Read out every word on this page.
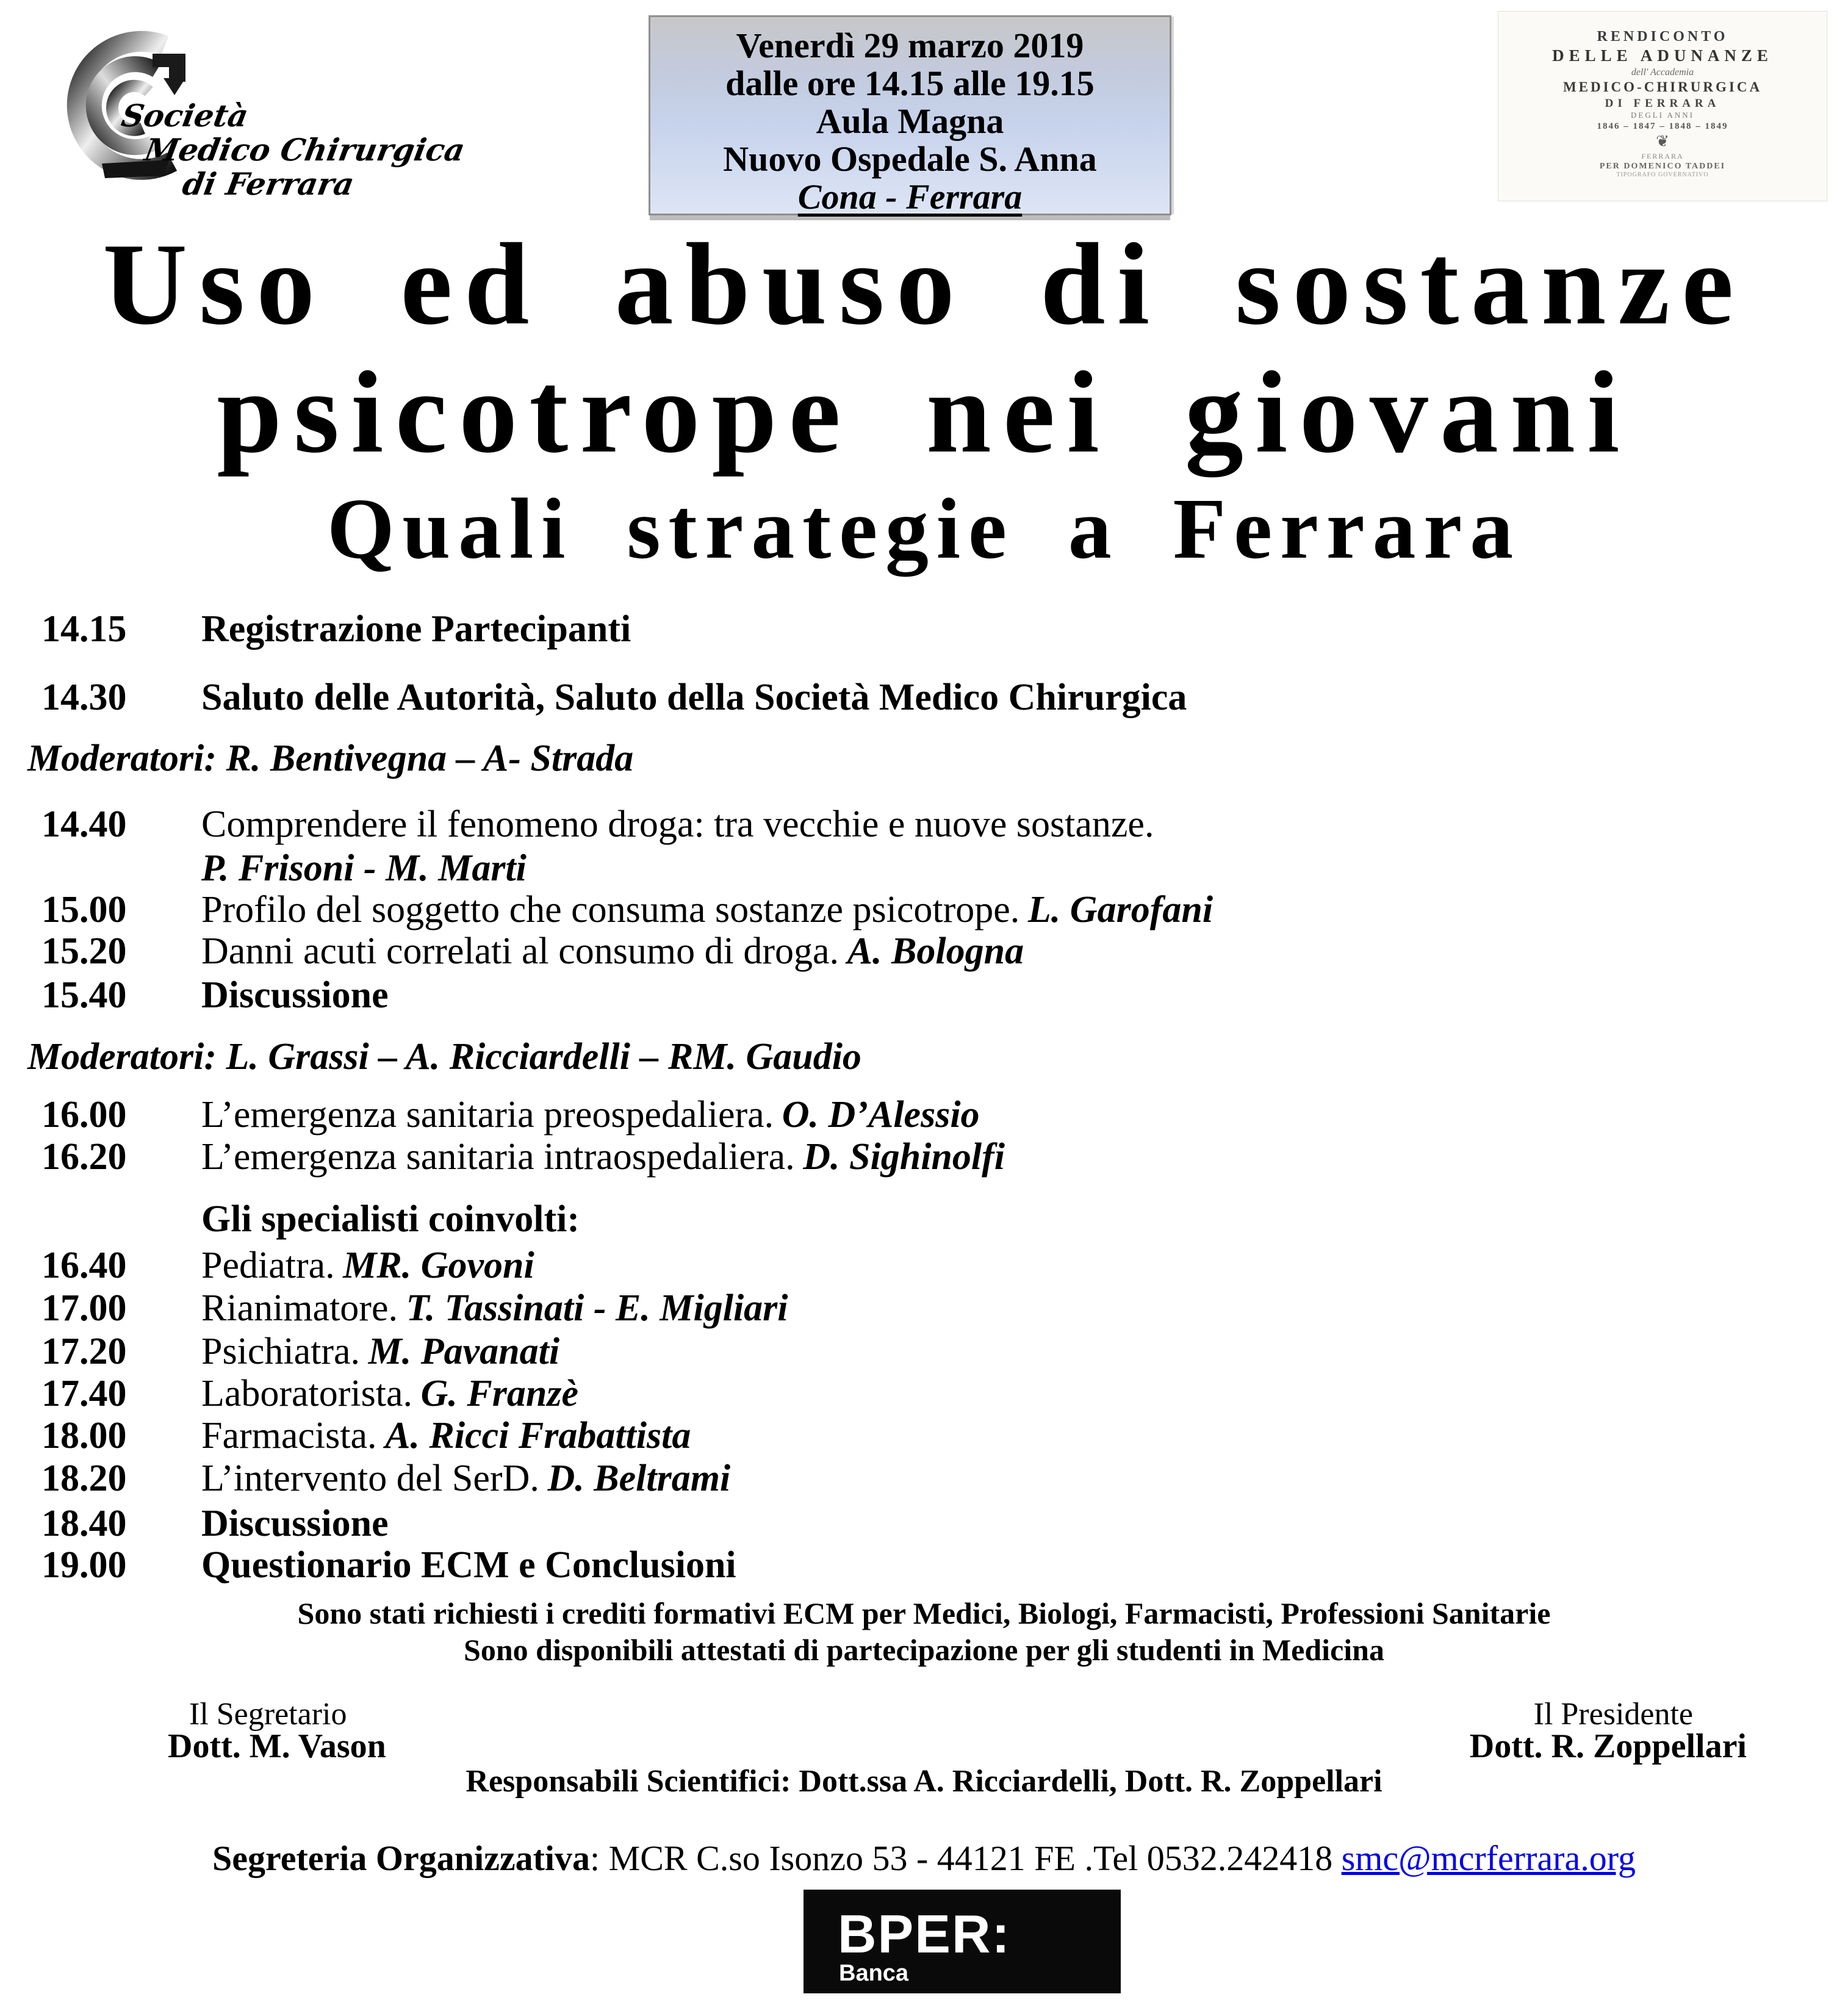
Società
Medico Chirurgica
di Ferrara
Venerdì 29 marzo 2019
dalle ore 14.15 alle 19.15
Aula Magna
Nuovo Ospedale S. Anna
Cona - Ferrara
RENDICONTO
DELLE ADUNANZE
dell' Accademia
MEDICO-CHIRURGICA
DI FERRARA
DEGLI ANNI
1846 – 1847 – 1848 – 1849
❦
FERRARA
PER DOMENICO TADDEI
TIPOGRAFO GOVERNATIVO
Uso ed abuso di sostanze
psicotrope nei giovani
Quali strategie a Ferrara
14.15 Registrazione Partecipanti
14.30 Saluto delle Autorità, Saluto della Società Medico Chirurgica
Moderatori: R. Bentivegna – A- Strada
14.40 Comprendere il fenomeno droga: tra vecchie e nuove sostanze.
P. Frisoni - M. Marti
15.00 Profilo del soggetto che consuma sostanze psicotrope. L. Garofani
15.20 Danni acuti correlati al consumo di droga. A. Bologna
15.40 Discussione
Moderatori: L. Grassi – A. Ricciardelli – RM. Gaudio
16.00 L’emergenza sanitaria preospedaliera. O. D’Alessio
16.20 L’emergenza sanitaria intraospedaliera. D. Sighinolfi
Gli specialisti coinvolti:
16.40 Pediatra. MR. Govoni
17.00 Rianimatore. T. Tassinati - E. Migliari
17.20 Psichiatra. M. Pavanati
17.40 Laboratorista. G. Franzè
18.00 Farmacista. A. Ricci Frabattista
18.20 L’intervento del SerD. D. Beltrami
18.40 Discussione
19.00 Questionario ECM e Conclusioni
Sono stati richiesti i crediti formativi ECM per Medici, Biologi, Farmacisti, Professioni Sanitarie
Sono disponibili attestati di partecipazione per gli studenti in Medicina
Il Segretario	Il Presidente
Dott. M. Vason	Dott. R. Zoppellari
Responsabili Scientifici: Dott.ssa A. Ricciardelli, Dott. R. Zoppellari
Segreteria Organizzativa: MCR C.so Isonzo 53 - 44121 FE .Tel 0532.242418 smc@mcrferrara.org
BPER:
Banca
